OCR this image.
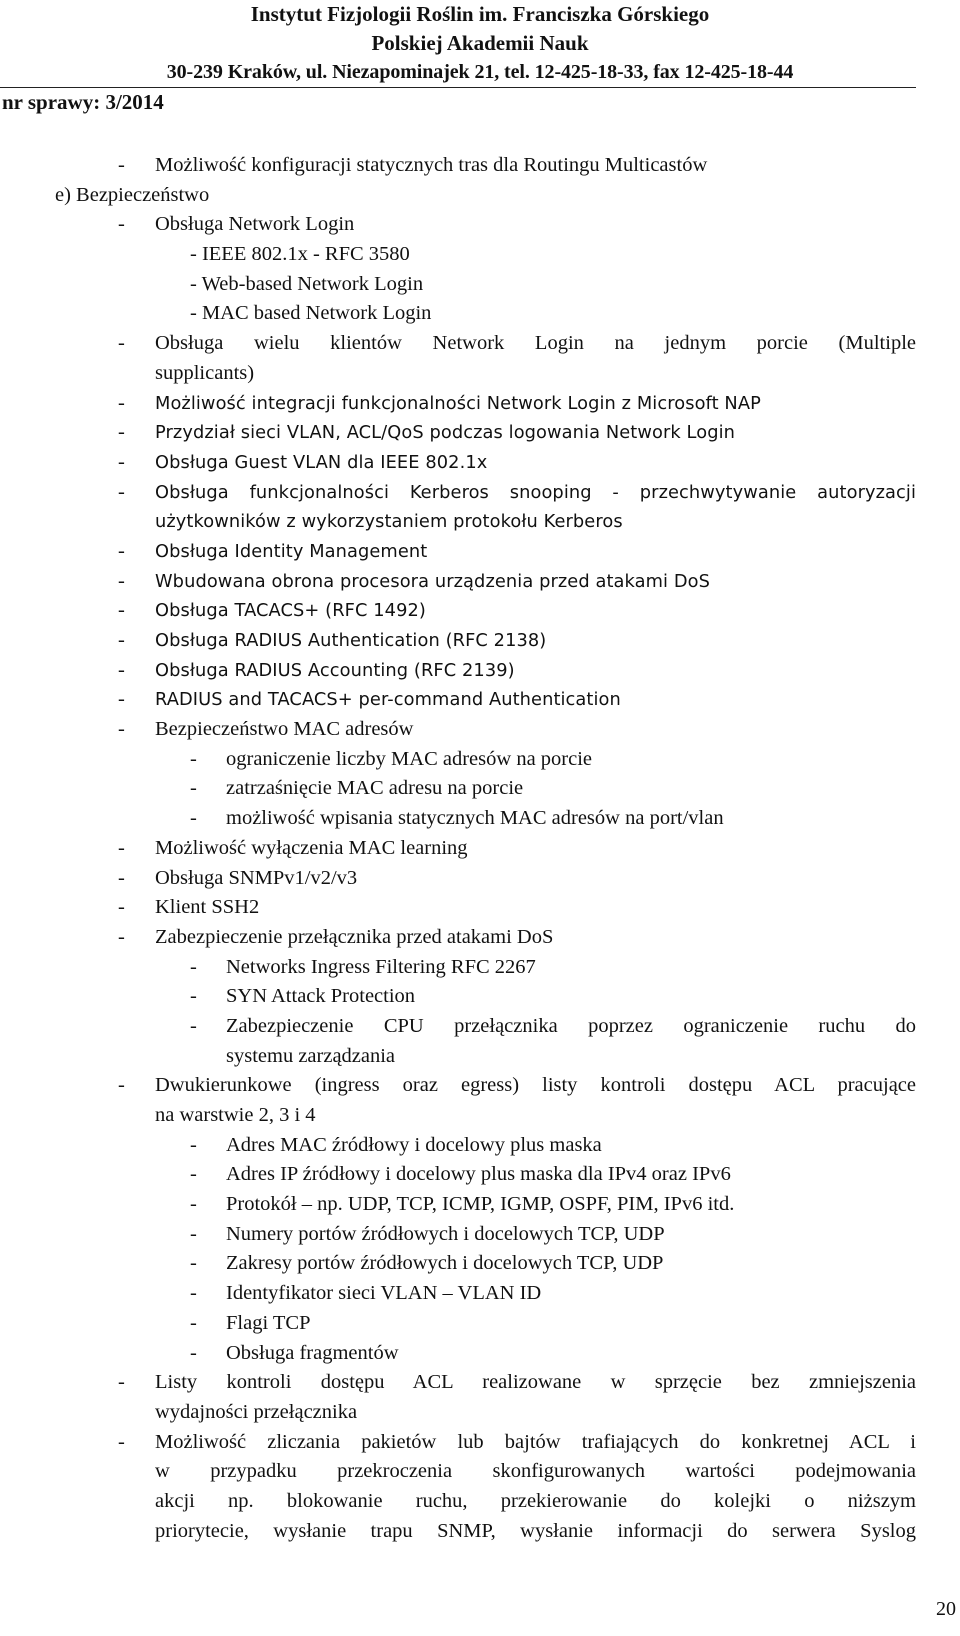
Instytut Fizjologii Roślin im. Franciszka Górskiego
Polskiej Akademii Nauk
30-239 Kraków, ul. Niezapominajek 21, tel. 12-425-18-33, fax 12-425-18-44
nr sprawy: 3/2014
- Możliwość konfiguracji statycznych tras dla Routingu Multicastów
e) Bezpieczeństwo
- Obsługa Network Login
- IEEE 802.1x - RFC 3580
- Web-based Network Login
- MAC based Network Login
- Obsługa wielu klientów Network Login na jednym porcie (Multiple
supplicants)
- Możliwość integracji funkcjonalności Network Login z Microsoft NAP
- Przydział sieci VLAN, ACL/QoS podczas logowania Network Login
- Obsługa Guest VLAN dla IEEE 802.1x
- Obsługa funkcjonalności Kerberos snooping - przechwytywanie autoryzacji
użytkowników z wykorzystaniem protokołu Kerberos
- Obsługa Identity Management
- Wbudowana obrona procesora urządzenia przed atakami DoS
- Obsługa TACACS+ (RFC 1492)
- Obsługa RADIUS Authentication (RFC 2138)
- Obsługa RADIUS Accounting (RFC 2139)
- RADIUS and TACACS+ per-command Authentication
- Bezpieczeństwo MAC adresów
- ograniczenie liczby MAC adresów na porcie
- zatrzaśnięcie MAC adresu na porcie
- możliwość wpisania statycznych MAC adresów na port/vlan
- Możliwość wyłączenia MAC learning
- Obsługa SNMPv1/v2/v3
- Klient SSH2
- Zabezpieczenie przełącznika przed atakami DoS
- Networks Ingress Filtering RFC 2267
- SYN Attack Protection
- Zabezpieczenie CPU przełącznika poprzez ograniczenie ruchu do
systemu zarządzania
- Dwukierunkowe (ingress oraz egress) listy kontroli dostępu ACL pracujące
na warstwie 2, 3 i 4
- Adres MAC źródłowy i docelowy plus maska
- Adres IP źródłowy i docelowy plus maska dla IPv4 oraz IPv6
- Protokół – np. UDP, TCP, ICMP, IGMP, OSPF, PIM, IPv6 itd.
- Numery portów źródłowych i docelowych TCP, UDP
- Zakresy portów źródłowych i docelowych TCP, UDP
- Identyfikator sieci VLAN – VLAN ID
- Flagi TCP
- Obsługa fragmentów
- Listy kontroli dostępu ACL realizowane w sprzęcie bez zmniejszenia
wydajności przełącznika
- Możliwość zliczania pakietów lub bajtów trafiających do konkretnej ACL i
w przypadku przekroczenia skonfigurowanych wartości podejmowania
akcji np. blokowanie ruchu, przekierowanie do kolejki o niższym
priorytecie, wysłanie trapu SNMP, wysłanie informacji do serwera Syslog
20
